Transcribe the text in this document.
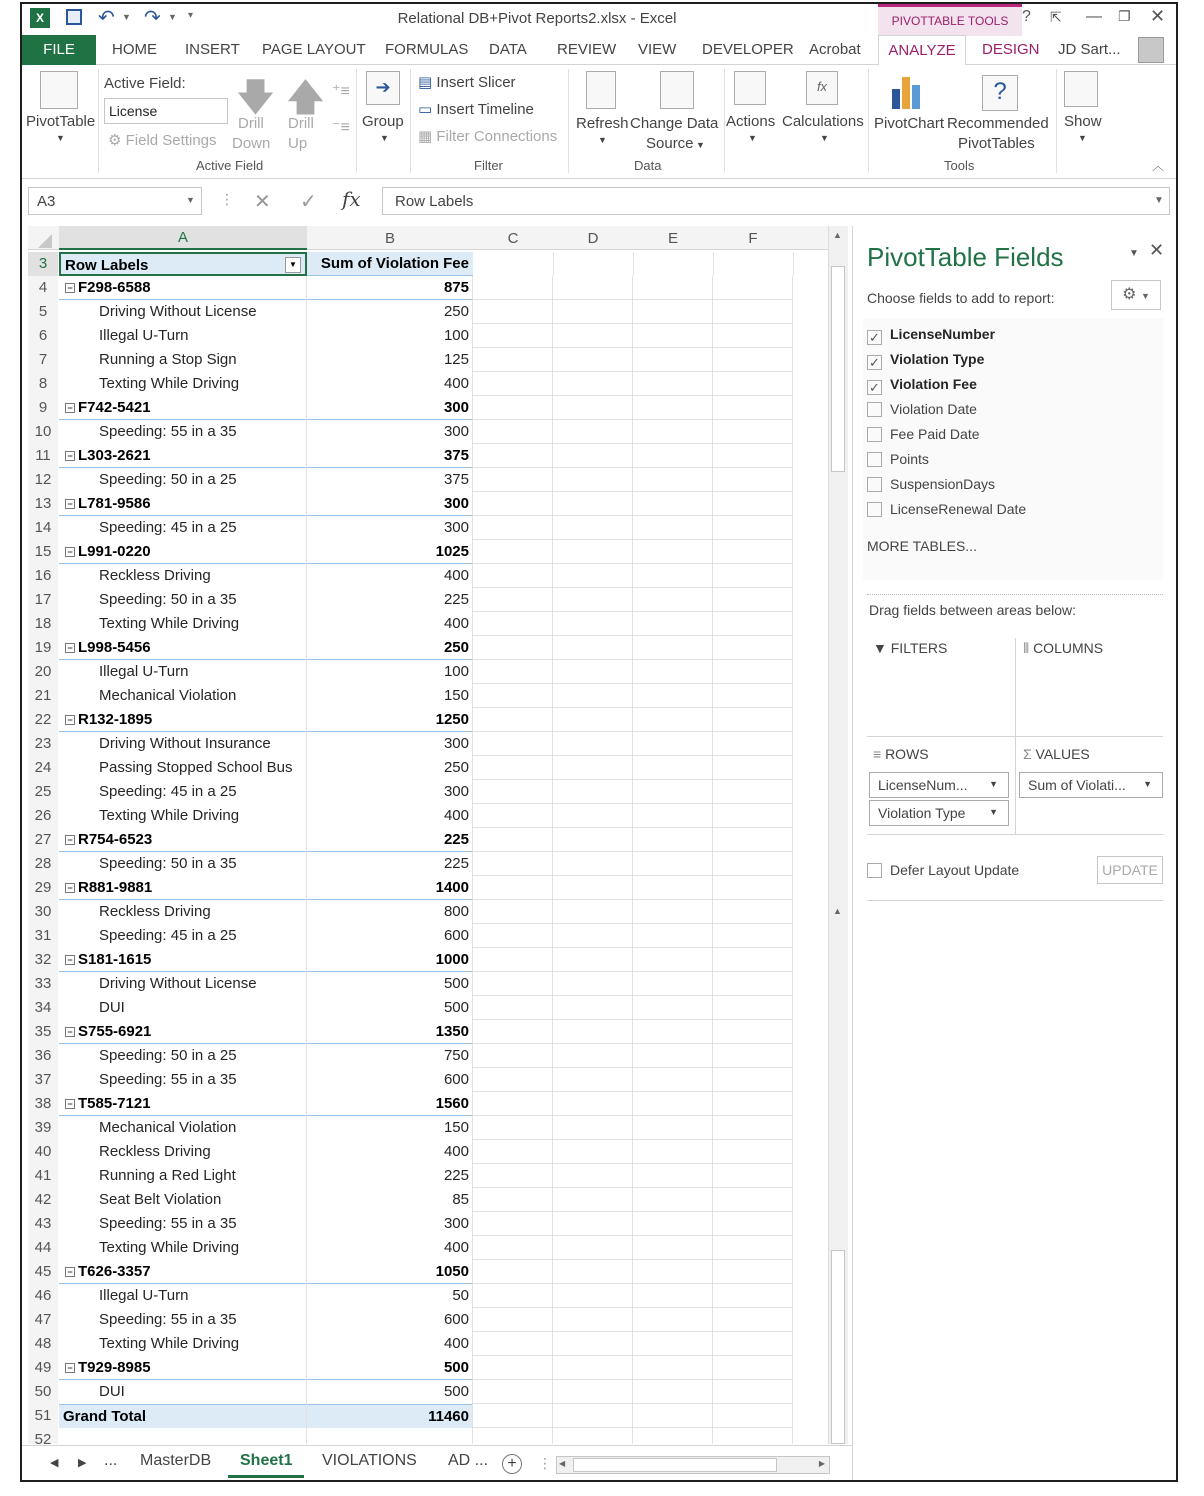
X	↶ ▼ ↷ ▼ ▾	Relational DB+Pivot Reports2.xlsx - Excel	PIVOTTABLE TOOLS ? ⇱ — ❐ ✕
FILE	HOME INSERT PAGE LAYOUT FORMULAS DATA REVIEW VIEW DEVELOPER Acrobat	ANALYZE	DESIGN JD Sart...
PivotTable
▼
Active Field:
License
⚙ Field Settings
🡇
Drill
Down
🡅
Drill
Up
⁺≡
⁻≡
Active Field
➔
Group
▼
▤ Insert Slicer
▭ Insert Timeline
▦ Filter Connections
Filter
Refresh
▼
Change Data
Source ▼
Data
Actions
▼
fx
Calculations
▼
PivotChart
?
Recommended
PivotTables
Tools
Show
▼
︿
A3	▼ ⋮ ✕ ✓ fx	Row Labels	▼
A	B	C	D	E	F
3	Row Labels	▼	Sum of Violation Fee
4	− F298-6588	875
5	Driving Without License	250
6	Illegal U-Turn	100
7	Running a Stop Sign	125
8	Texting While Driving	400
9	− F742-5421	300
10	Speeding: 55 in a 35	300
11	− L303-2621	375
12	Speeding: 50 in a 25	375
13	− L781-9586	300
14	Speeding: 45 in a 25	300
15	− L991-0220	1025
16	Reckless Driving	400
17	Speeding: 50 in a 35	225
18	Texting While Driving	400
19	− L998-5456	250
20	Illegal U-Turn	100
21	Mechanical Violation	150
22	− R132-1895	1250
23	Driving Without Insurance	300
24	Passing Stopped School Bus	250
25	Speeding: 45 in a 25	300
26	Texting While Driving	400
27	− R754-6523	225
28	Speeding: 50 in a 35	225
29	− R881-9881	1400
30	Reckless Driving	800
31	Speeding: 45 in a 25	600
32	− S181-1615	1000
33	Driving Without License	500
34	DUI	500
35	− S755-6921	1350
36	Speeding: 50 in a 25	750
37	Speeding: 55 in a 35	600
38	− T585-7121	1560
39	Mechanical Violation	150
40	Reckless Driving	400
41	Running a Red Light	225
42	Seat Belt Violation	85
43	Speeding: 55 in a 35	300
44	Texting While Driving	400
45	− T626-3357	1050
46	Illegal U-Turn	50
47	Speeding: 55 in a 35	600
48	Texting While Driving	400
49	− T929-8985	500
50	DUI	500
51 Grand Total	11460
52
▲
▲
◀ ▶ ... MasterDB	Sheet1	VIOLATIONS AD ...	+	⋮ ◀	▶
PivotTable Fields	▼ ✕
Choose fields to add to report:	⚙ ▼
✓ LicenseNumber
✓ Violation Type
✓ Violation Fee
Violation Date
Fee Paid Date
Points
SuspensionDays
LicenseRenewal Date
MORE TABLES...
Drag fields between areas below:
▼ FILTERS	⦀ COLUMNS
≡ ROWS	Σ VALUES
LicenseNum... ▼
Violation Type	▼
Sum of Violati... ▼
Defer Layout Update	UPDATE
